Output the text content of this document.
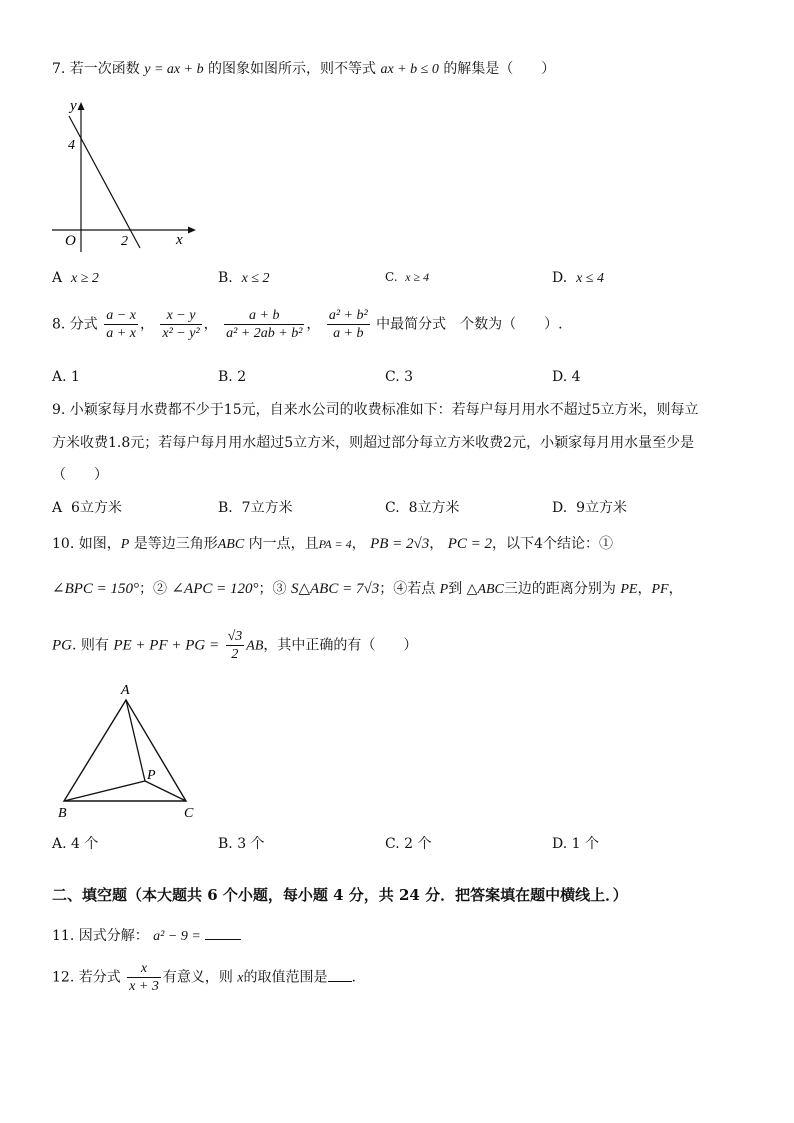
7. 若一次函数 y = ax + b 的图象如图所示，则不等式 ax + b ≤ 0 的解集是（　　）
y
x
O
4
2
A x ≥ 2	B. x ≤ 2	C. x ≥ 4	D. x ≤ 4
8. 分式 $\frac{a - x}{a + x}$ ， $\frac{x - y}{\text{x² − y²}}$ ， $\frac{a + b}{\text{a² + 2ab + b²}}$ ， $\frac{\text{a² + b²}}{a + b}$ 中最简分式　个数为（　　）.
A. 1	B. 2	C. 3	D. 4
9. 小颖家每月水费都不少于15元，自来水公司的收费标准如下：若每户每月用水不超过5立方米，则每立
方米收费1.8元；若每户每月用水超过5立方米，则超过部分每立方米收费2元，小颖家每月用水量至少是
（　　）
A 6立方米	B. 7立方米	C. 8立方米	D. 9立方米
10. 如图，P 是等边三角形ABC 内一点，且PA = 4， PB = 2√3， PC = 2，以下4个结论：①
∠BPC = 150°；② ∠APC = 120°；③ S△ABC = 7√3；④若点 P到 △ABC三边的距离分别为 PE，PF，
PG. 则有 PE + PF + PG = $\frac{√3}{2}$ AB，其中正确的有（　　）
A
B	C
P
A. 4 个	B. 3 个	C. 2 个	D. 1 个
二、填空题（本大题共 6 个小题，每小题 4 分，共 24 分．把答案填在题中横线上．）
11. 因式分解： a² − 9 =
12. 若分式 $\frac{x}{x + 3}$ 有意义，则 x的取值范围是 .
